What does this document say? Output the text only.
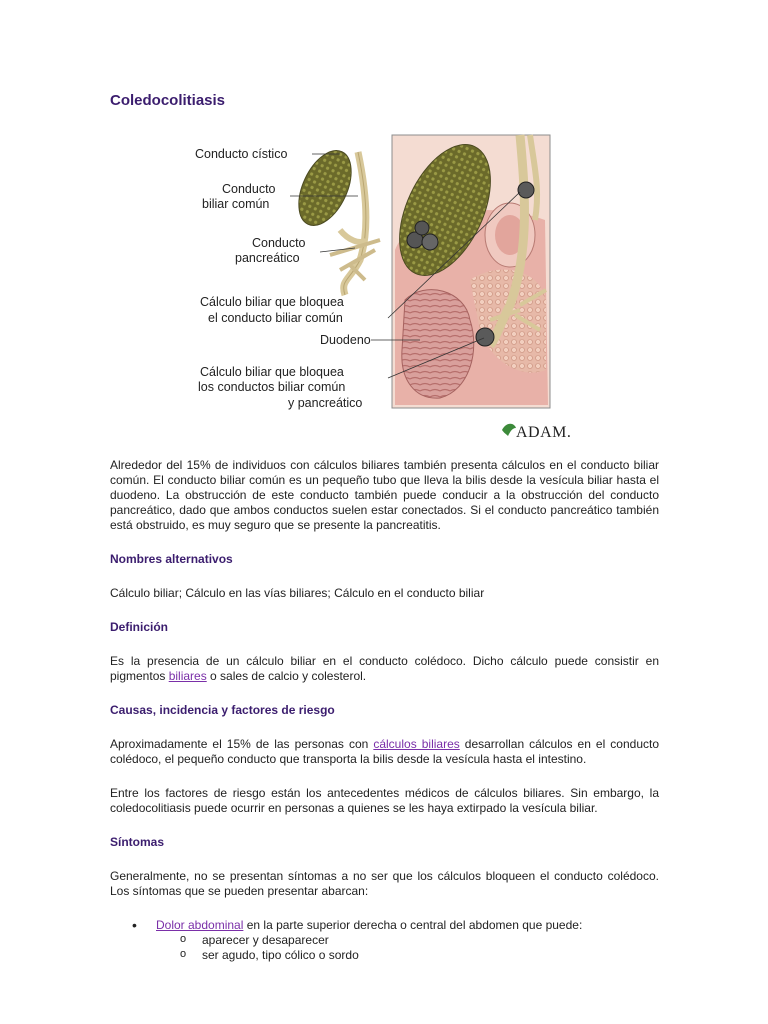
Coledocolitiasis
Conducto cístico
Conducto
biliar común
Conducto
pancreático
Cálculo biliar que bloquea
el conducto biliar común
Duodeno
Cálculo biliar que bloquea
los conductos biliar común
y pancreático
ADAM.

Alrededor del 15% de individuos con cálculos biliares también presenta cálculos en el conducto biliar común. El conducto biliar común es un pequeño tubo que lleva la bilis desde la vesícula biliar hasta el duodeno. La obstrucción de este conducto también puede conducir a la obstrucción del conducto pancreático, dado que ambos conductos suelen estar conectados. Si el conducto pancreático también está obstruido, es muy seguro que se presente la pancreatitis.

Nombres alternativos

Cálculo biliar; Cálculo en las vías biliares; Cálculo en el conducto biliar

Definición

Es la presencia de un cálculo biliar en el conducto colédoco. Dicho cálculo puede consistir en pigmentos biliares o sales de calcio y colesterol.

Causas, incidencia y factores de riesgo

Aproximadamente el 15% de las personas con cálculos biliares desarrollan cálculos en el conducto colédoco, el pequeño conducto que transporta la bilis desde la vesícula hasta el intestino.

Entre los factores de riesgo están los antecedentes médicos de cálculos biliares. Sin embargo, la coledocolitiasis puede ocurrir en personas a quienes se les haya extirpado la vesícula biliar.

Síntomas

Generalmente, no se presentan síntomas a no ser que los cálculos bloqueen el conducto colédoco. Los síntomas que se pueden presentar abarcan:

• Dolor abdominal en la parte superior derecha o central del abdomen que puede:
o aparecer y desaparecer
o ser agudo, tipo cólico o sordo
